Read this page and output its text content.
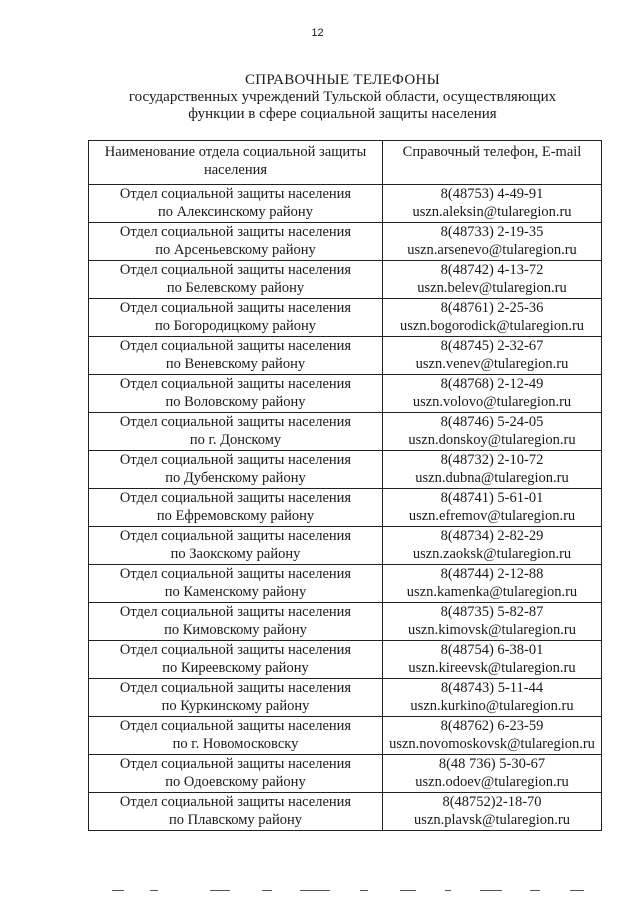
12
СПРАВОЧНЫЕ ТЕЛЕФОНЫ
государственных учреждений Тульской области, осуществляющих
функции в сфере социальной защиты населения
Наименование отдела социальной защиты
населения	Справочный телефон, E-mail

Отдел социальной защиты населения
по Алексинскому району	8(48753) 4-49-91
uszn.aleksin@tularegion.ru

Отдел социальной защиты населения
по Арсеньевскому району	8(48733) 2-19-35
uszn.arsenevo@tularegion.ru

Отдел социальной защиты населения
по Белевскому району	8(48742) 4-13-72
uszn.belev@tularegion.ru

Отдел социальной защиты населения
по Богородицкому району	8(48761) 2-25-36
uszn.bogorodick@tularegion.ru

Отдел социальной защиты населения
по Веневскому району	8(48745) 2-32-67
uszn.venev@tularegion.ru

Отдел социальной защиты населения
по Воловскому району	8(48768) 2-12-49
uszn.volovo@tularegion.ru

Отдел социальной защиты населения
по г. Донскому	8(48746) 5-24-05
uszn.donskoy@tularegion.ru

Отдел социальной защиты населения
по Дубенскому району	8(48732) 2-10-72
uszn.dubna@tularegion.ru

Отдел социальной защиты населения
по Ефремовскому району	8(48741) 5-61-01
uszn.efremov@tularegion.ru

Отдел социальной защиты населения
по Заокскому району	8(48734) 2-82-29
uszn.zaoksk@tularegion.ru

Отдел социальной защиты населения
по Каменскому району	8(48744) 2-12-88
uszn.kamenka@tularegion.ru

Отдел социальной защиты населения
по Кимовскому району	8(48735) 5-82-87
uszn.kimovsk@tularegion.ru

Отдел социальной защиты населения
по Киреевскому району	8(48754) 6-38-01
uszn.kireevsk@tularegion.ru

Отдел социальной защиты населения
по Куркинскому району	8(48743) 5-11-44
uszn.kurkino@tularegion.ru

Отдел социальной защиты населения
по г. Новомосковску	8(48762) 6-23-59
uszn.novomoskovsk@tularegion.ru

Отдел социальной защиты населения
по Одоевскому району	8(48 736) 5-30-67
uszn.odoev@tularegion.ru

Отдел социальной защиты населения
по Плавскому району	8(48752)2-18-70
uszn.plavsk@tularegion.ru
